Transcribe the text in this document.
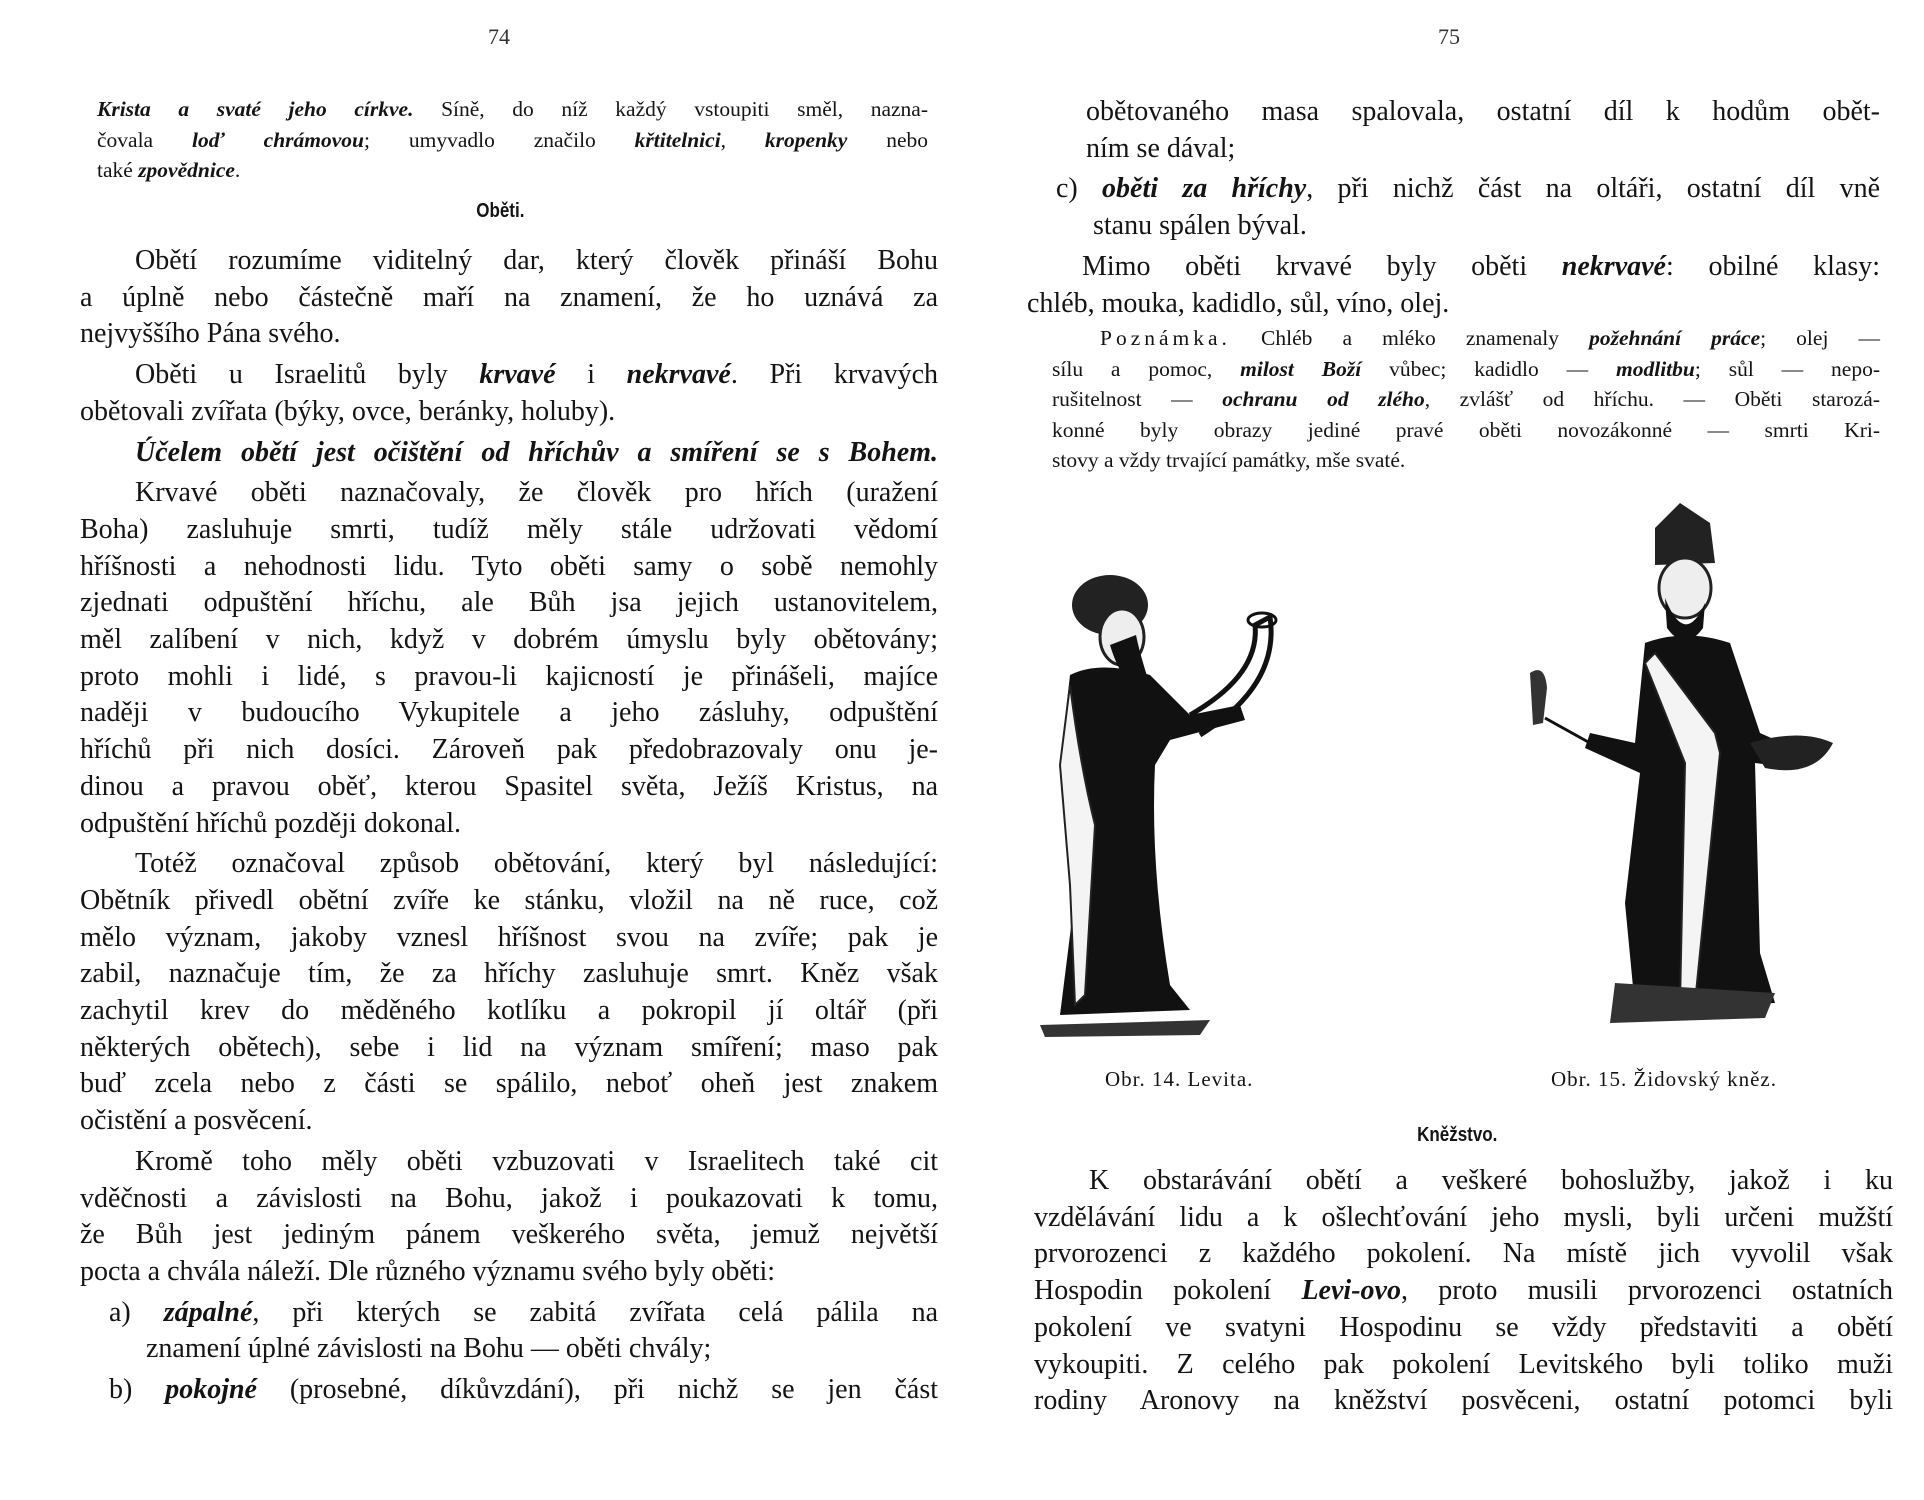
74	75
Krista a svaté jeho církve. Síně, do níž každý vstoupiti směl, nazna-
čovala loď chrámovou; umyvadlo značilo křtitelnici, kropenky nebo
také zpovědnice.
Oběti.
Obětí rozumíme viditelný dar, který člověk přináší Bohu
a úplně nebo částečně maří na znamení, že ho uznává za
nejvyššího Pána svého.
Oběti u Israelitů byly krvavé i nekrvavé. Při krvavých
obětovali zvířata (býky, ovce, beránky, holuby).
Účelem obětí jest očištění od hříchův a smíření se s Bohem.
Krvavé oběti naznačovaly, že člověk pro hřích (uražení
Boha) zasluhuje smrti, tudíž měly stále udržovati vědomí
hříšnosti a nehodnosti lidu. Tyto oběti samy o sobě nemohly
zjednati odpuštění hříchu, ale Bůh jsa jejich ustanovitelem,
měl zalíbení v nich, když v dobrém úmyslu byly obětovány;
proto mohli i lidé, s pravou-li kajicností je přinášeli, majíce
naději v budoucího Vykupitele a jeho zásluhy, odpuštění
hříchů při nich dosíci. Zároveň pak předobrazovaly onu je-
dinou a pravou oběť, kterou Spasitel světa, Ježíš Kristus, na
odpuštění hříchů později dokonal.
Totéž označoval způsob obětování, který byl následující:
Obětník přivedl obětní zvíře ke stánku, vložil na ně ruce, což
mělo význam, jakoby vznesl hříšnost svou na zvíře; pak je
zabil, naznačuje tím, že za hříchy zasluhuje smrt. Kněz však
zachytil krev do měděného kotlíku a pokropil jí oltář (při
některých obětech), sebe i lid na význam smíření; maso pak
buď zcela nebo z části se spálilo, neboť oheň jest znakem
očistění a posvěcení.
Kromě toho měly oběti vzbuzovati v Israelitech také cit
vděčnosti a závislosti na Bohu, jakož i poukazovati k tomu,
že Bůh jest jediným pánem veškerého světa, jemuž největší
pocta a chvála náleží. Dle různého významu svého byly oběti:
a) zápalné, při kterých se zabitá zvířata celá pálila na
znamení úplné závislosti na Bohu — oběti chvály;
b) pokojné (prosebné, díkůvzdání), při nichž se jen část
obětovaného masa spalovala, ostatní díl k hodům obět-
ním se dával;
c) oběti za hříchy, při nichž část na oltáři, ostatní díl vně
stanu spálen býval.
Mimo oběti krvavé byly oběti nekrvavé: obilné klasy:
chléb, mouka, kadidlo, sůl, víno, olej.
Poznámka. Chléb a mléko znamenaly požehnání práce; olej —
sílu a pomoc, milost Boží vůbec; kadidlo — modlitbu; sůl — nepo-
rušitelnost — ochranu od zlého, zvlášť od hříchu. — Oběti starozá-
konné byly obrazy jediné pravé oběti novozákonné — smrti Kri-
stovy a vždy trvající památky, mše svaté.
Obr. 14. Levita.	Obr. 15. Židovský kněz.
Kněžstvo.
K obstarávání obětí a veškeré bohoslužby, jakož i ku
vzdělávání lidu a k ošlechťování jeho mysli, byli určeni mužští
prvorozenci z každého pokolení. Na místě jich vyvolil však
Hospodin pokolení Levi-ovo, proto musili prvorozenci ostatních
pokolení ve svatyni Hospodinu se vždy představiti a obětí
vykoupiti. Z celého pak pokolení Levitského byli toliko muži
rodiny Aronovy na kněžství posvěceni, ostatní potomci byli
